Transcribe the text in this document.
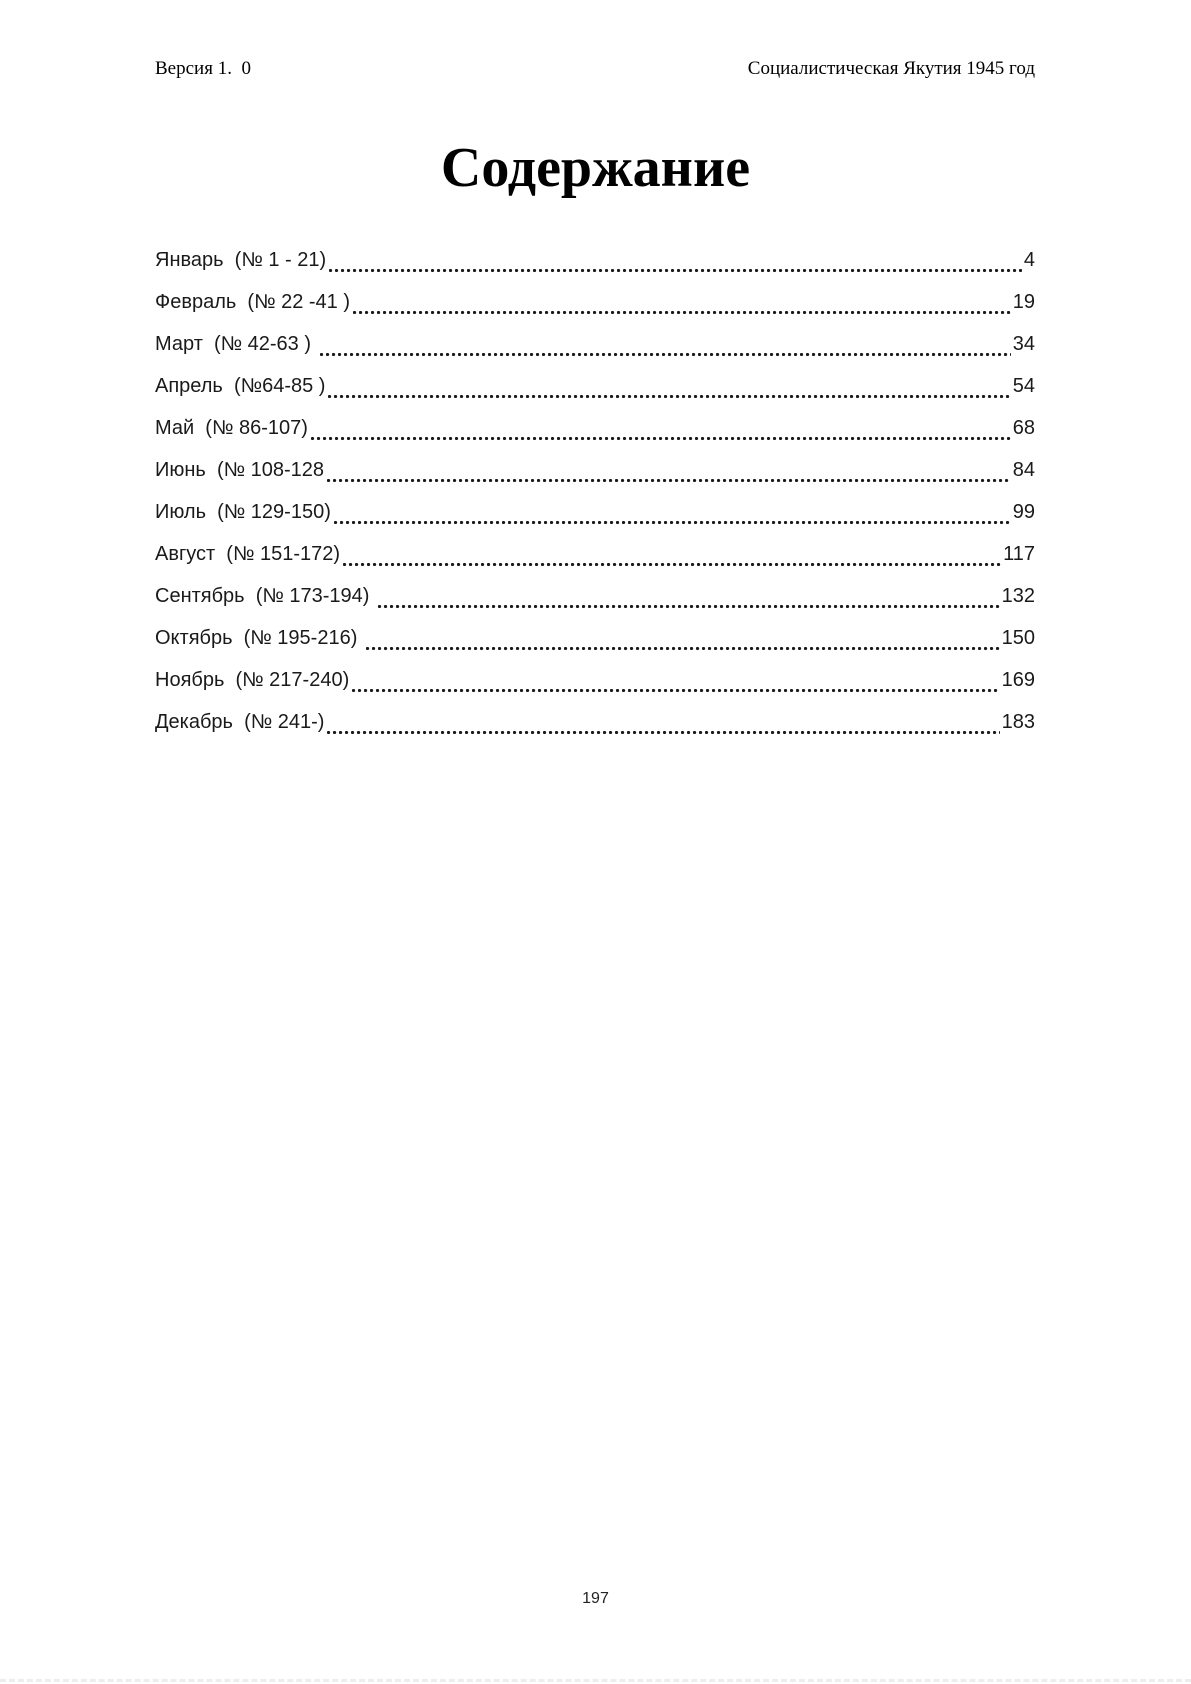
Версия 1.  0	Социалистическая Якутия 1945 год
Содержание
Январь  (№ 1 - 21)	4
Февраль  (№ 22 -41 )	19
Март  (№ 42-63 )	34
Апрель  (№64-85 )	54
Май  (№ 86-107)	68
Июнь  (№ 108-128	84
Июль  (№ 129-150)	99
Август  (№ 151-172)	117
Сентябрь  (№ 173-194)	132
Октябрь  (№ 195-216)	150
Ноябрь  (№ 217-240)	169
Декабрь  (№ 241-)	183
197
